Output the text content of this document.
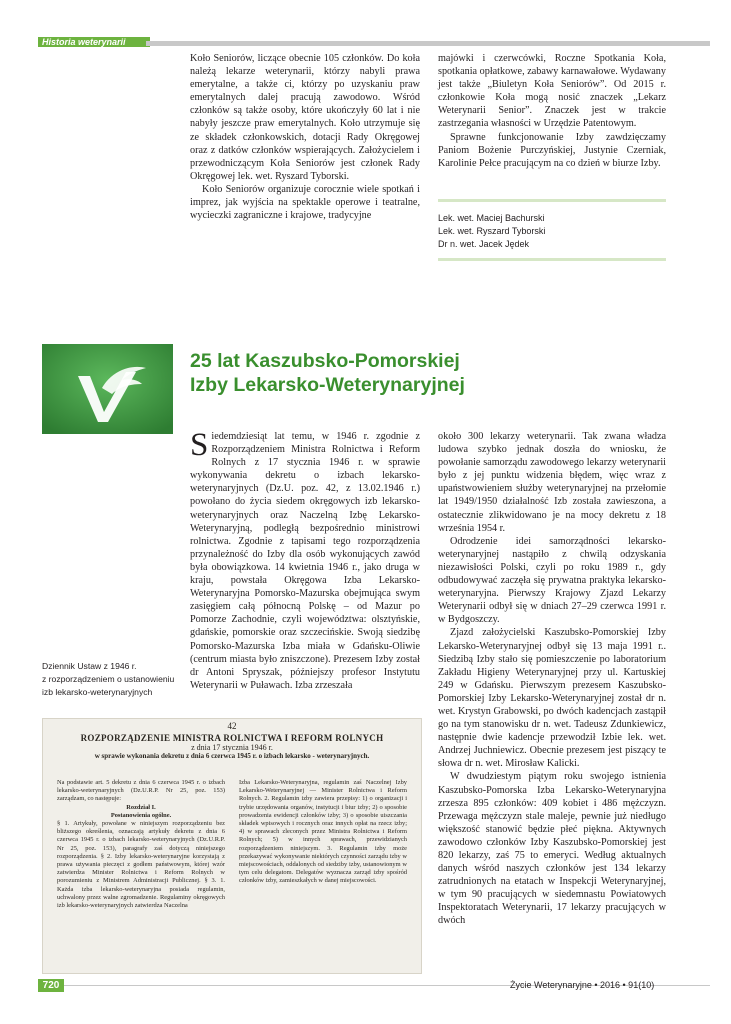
Historia weterynarii

Koło Seniorów, liczące obecnie 105 członków. Do koła należą lekarze weterynarii, którzy nabyli prawa emerytalne, a także ci, którzy po uzyskaniu praw emerytalnych dalej pracują zawodowo. Wśród członków są także osoby, które ukończyły 60 lat i nie nabyły jeszcze praw emerytalnych. Koło utrzymuje się ze składek członkowskich, dotacji Rady Okręgowej oraz z datków członków wspierających. Założycielem i przewodniczącym Koła Seniorów jest członek Rady Okręgowej lek. wet. Ryszard Tyborski.

Koło Seniorów organizuje corocznie wiele spotkań i imprez, jak wyjścia na spektakle operowe i teatralne, wycieczki zagraniczne i krajowe, tradycyjne

majówki i czerwcówki, Roczne Spotkania Koła, spotkania opłatkowe, zabawy karnawałowe. Wydawany jest także „Biuletyn Koła Seniorów”. Od 2015 r. członkowie Koła mogą nosić znaczek „Lekarz Weterynarii Senior”. Znaczek jest w trakcie zastrzegania własności w Urzędzie Patentowym.

Sprawne funkcjonowanie Izby zawdzięczamy Paniom Bożenie Purczyńskiej, Justynie Czerniak, Karolinie Pełce pracującym na co dzień w biurze Izby.

Lek. wet. Maciej Bachurski
Lek. wet. Ryszard Tyborski
Dr n. wet. Jacek Jędek
25 lat Kaszubsko-Pomorskiej
Izby Lekarsko-Weterynaryjnej

Siedemdziesiąt lat temu, w 1946 r. zgodnie z Rozporządzeniem Ministra Rolnictwa i Reform Rolnych z 17 stycznia 1946 r. w sprawie wykonywania dekretu o izbach lekarsko-weterynaryjnych (Dz.U. poz. 42, z 13.02.1946 r.) powołano do życia siedem okręgowych izb lekarsko-weterynaryjnych oraz Naczelną Izbę Lekarsko-Weterynaryjną, podległą bezpośrednio ministrowi rolnictwa. Zgodnie z tapisami tego rozporządzenia przynależność do Izby dla osób wykonujących zawód była obowiązkowa. 14 kwietnia 1946 r., jako druga w kraju, powstała Okręgowa Izba Lekarsko-Weterynaryjna Pomorsko-Mazurska obejmująca swym zasięgiem całą północną Polskę – od Mazur po Pomorze Zachodnie, czyli województwa: olsztyńskie, gdańskie, pomorskie oraz szczecińskie. Swoją siedzibę Pomorsko-Mazurska Izba miała w Gdańsku-Oliwie (centrum miasta było zniszczone). Prezesem Izby został dr Antoni Spryszak, późniejszy profesor Instytutu Weterynarii w Puławach. Izba zrzeszała

około 300 lekarzy weterynarii. Tak zwana władza ludowa szybko jednak doszła do wniosku, że powołanie samorządu zawodowego lekarzy weterynarii było z jej punktu widzenia błędem, więc wraz z upaństwowieniem służby weterynaryjnej na przełomie lat 1949/1950 działalność Izb została zawieszona, a ostatecznie zlikwidowano je na mocy dekretu z 18 września 1954 r.

Odrodzenie idei samorządności lekarsko-weterynaryjnej nastąpiło z chwilą odzyskania niezawisłości Polski, czyli po roku 1989 r., gdy odbudowywać zaczęła się prywatna praktyka lekarsko-weterynaryjna. Pierwszy Krajowy Zjazd Lekarzy Weterynarii odbył się w dniach 27–29 czerwca 1991 r. w Bydgoszczy.

Zjazd założycielski Kaszubsko-Pomorskiej Izby Lekarsko-Weterynaryjnej odbył się 13 maja 1991 r.. Siedzibą Izby stało się pomieszczenie po laboratorium Zakładu Higieny Weterynaryjnej przy ul. Kartuskiej 249 w Gdańsku. Pierwszym prezesem Kaszubsko-Pomorskiej Izby Lekarsko-Weterynaryjnej został dr n. wet. Krystyn Grabowski, po dwóch kadencjach zastąpił go na tym stanowisku dr n. wet. Tadeusz Zdunkiewicz, następnie dwie kadencje przewodził Izbie lek. wet. Andrzej Juchniewicz. Obecnie prezesem jest piszący te słowa dr n. wet. Mirosław Kalicki.

W dwudziestym piątym roku swojego istnienia Kaszubsko-Pomorska Izba Lekarsko-Weterynaryjna zrzesza 895 członków: 409 kobiet i 486 mężczyzn. Przewaga mężczyzn stale maleje, pewnie już niedługo większość stanowić będzie płeć piękna. Aktywnych zawodowo członków Izby Kaszubsko-Pomorskiej jest 820 lekarzy, zaś 75 to emeryci. Według aktualnych danych wśród naszych członków jest 134 lekarzy zatrudnionych na etatach w Inspekcji Weterynaryjnej, w tym 90 pracujących w siedemnastu Powiatowych Inspektoratach Weterynarii, 17 lekarzy pracujących w dwóch

Dziennik Ustaw z 1946 r.
z rozporządzeniem o ustanowieniu
izb lekarsko-weterynaryjnych
42
ROZPORZĄDZENIE MINISTRA ROLNICTWA I REFORM ROLNYCH
z dnia 17 stycznia 1946 r.
w sprawie wykonania dekretu z dnia 6 czerwca 1945 r. o izbach lekarsko - weterynaryjnych.
Na podstawie art. 5 dekretu z dnia 6 czerwca 1945 r. o izbach lekarsko-weterynaryjnych (Dz.U.R.P. Nr 25, poz. 153) zarządzam, co następuje:
Rozdział I.
Postanowienia ogólne.
§ 1. Artykuły, powołane w niniejszym rozporządzeniu bez bliższego określenia, oznaczają artykuły dekretu z dnia 6 czerwca 1945 r. o izbach lekarsko-weterynaryjnych (Dz.U.R.P. Nr 25, poz. 153), paragrafy zaś dotyczą niniejszego rozporządzenia. § 2. Izby lekarsko-weterynaryjne korzystają z prawa używania pieczęci z godłem państwowym, której wzór zatwierdza Minister Rolnictwa i Reform Rolnych w porozumieniu z Ministrem Administracji Publicznej. § 3. 1. Każda izba lekarsko-weterynaryjna posiada regulamin, uchwalony przez walne zgromadzenie. Regulaminy okręgowych izb lekarsko-weterynaryjnych zatwierdza Naczelna
Izba Lekarsko-Weterynaryjna, regulamin zaś Naczelnej Izby Lekarsko-Weterynaryjnej — Minister Rolnictwa i Reform Rolnych. 2. Regulamin izby zawiera przepisy: 1) o organizacji i trybie urzędowania organów, instytucji i biur izby; 2) o sposobie prowadzenia ewidencji członków izby; 3) o sposobie uiszczania składek wpisowych i rocznych oraz innych opłat na rzecz izby; 4) w sprawach zleconych przez Ministra Rolnictwa i Reform Rolnych; 5) w innych sprawach, przewidzianych rozporządzeniem niniejszym. 3. Regulamin izby może przekazywać wykonywanie niektórych czynności zarządu izby w miejscowościach, oddalonych od siedziby izby, ustanowionym w tym celu delegatom. Delegatów wyznacza zarząd izby spośród członków izby, zamieszkałych w danej miejscowości.
720	Życie Weterynaryjne • 2016 • 91(10)
